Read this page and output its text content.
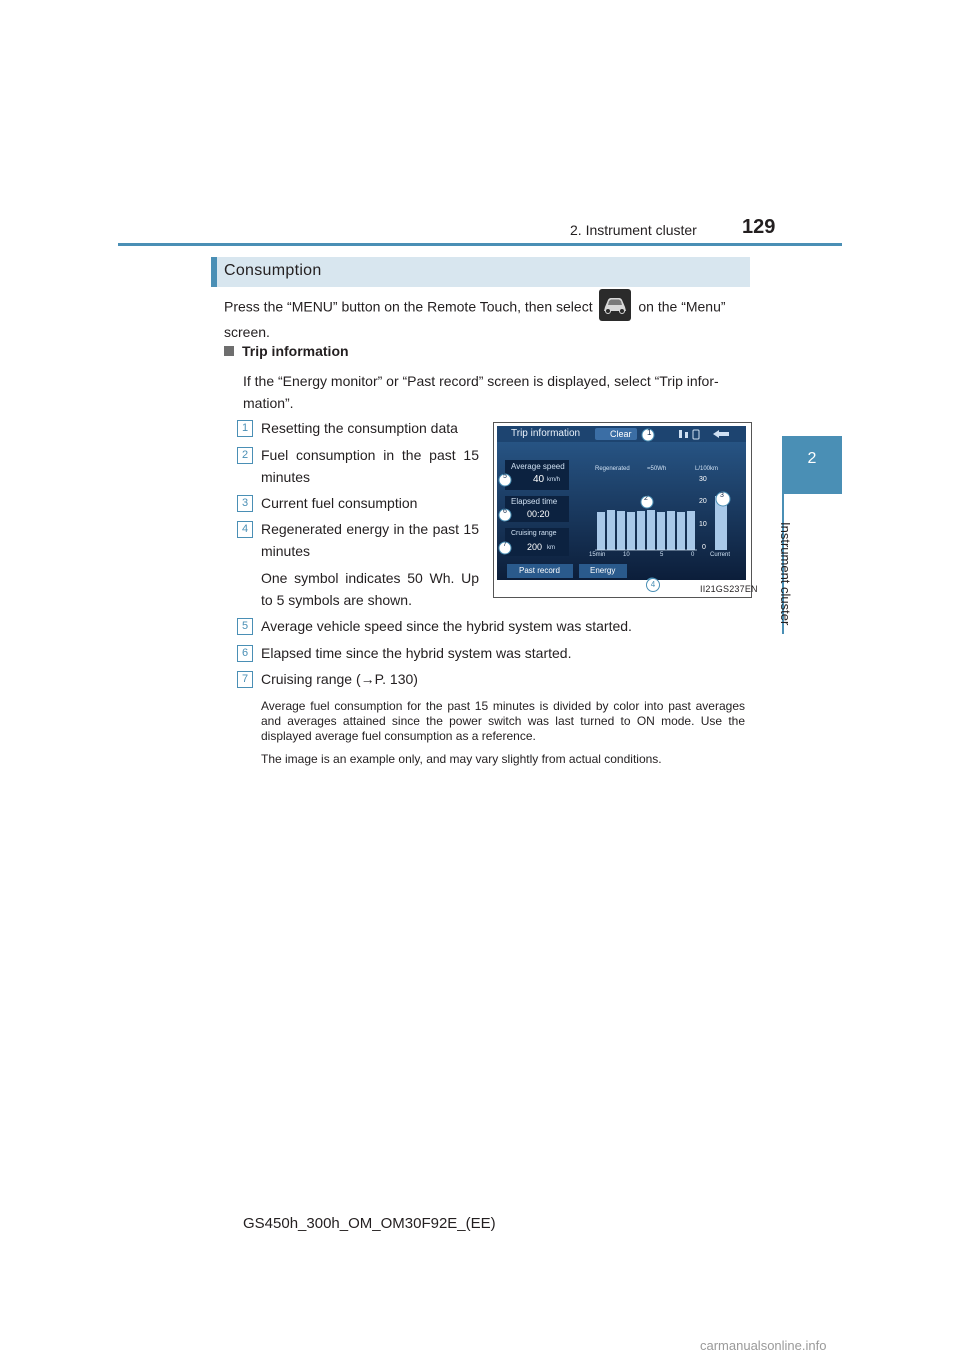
2. Instrument cluster 129
2
Instrument cluster
Consumption
Press the “MENU” button on the Remote Touch, then select	on the “Menu” screen.
Trip information
If the “Energy monitor” or “Past record” screen is displayed, select “Trip infor-mation”.
1 Resetting the consumption data
2 Fuel consumption in the past 15 minutes
3 Current fuel consumption
4 Regenerated energy in the past 15 minutes
One symbol indicates 50 Wh. Up to 5 symbols are shown.
5 Average vehicle speed since the hybrid system was started.
6 Elapsed time since the hybrid system was started.
7 Cruising range (→P. 130)
Average fuel consumption for the past 15 minutes is divided by color into past averages and averages attained since the power switch was last turned to ON mode. Use the displayed average fuel consumption as a reference.
The image is an example only, and may vary slightly from actual conditions.
Trip information	Clear 1
Average speed
40 km/h
Elapsed time
00:20
Cruising range
200 km
Regenerated	=50Wh	L/100km
30
20
10
0
15min	10	5	0	Current
Past record	Energy
2	3
5
6
7
4	II21GS237EN
GS450h_300h_OM_OM30F92E_(EE)
carmanualsonline.info
